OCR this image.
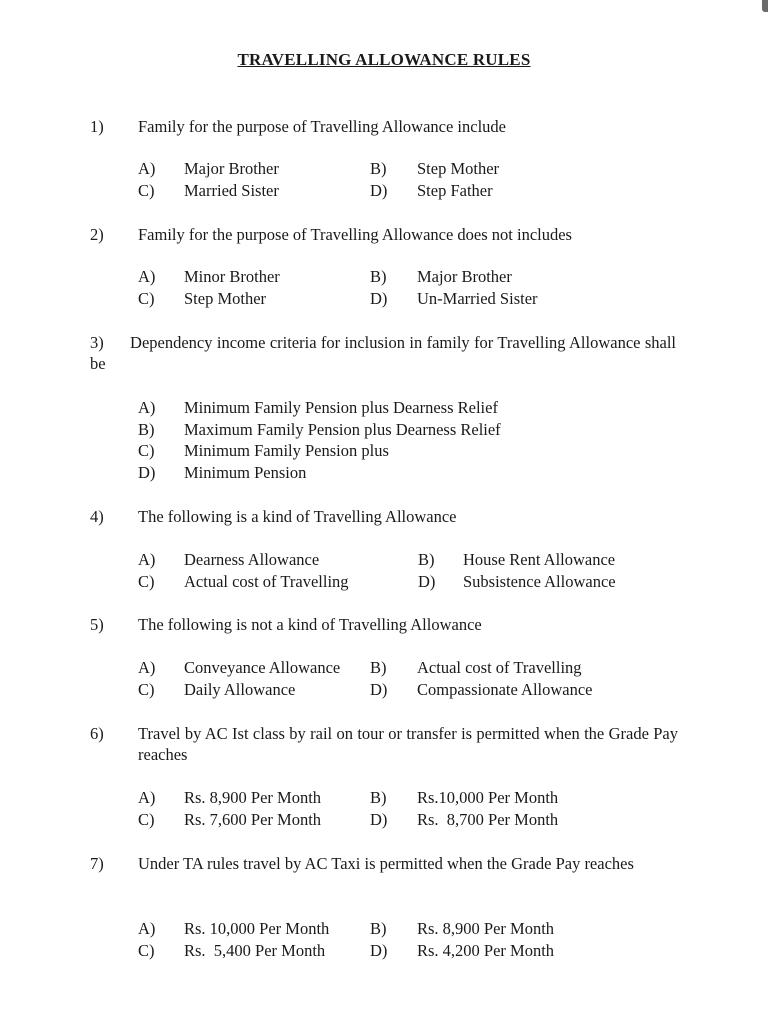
TRAVELLING ALLOWANCE RULES
1) Family for the purpose of Travelling Allowance include
A) Major Brother	B) Step Mother
C) Married Sister	D) Step Father
2) Family for the purpose of Travelling Allowance does not includes
A) Minor Brother	B) Major Brother
C) Step Mother	D) Un-Married Sister
3) Dependency income criteria for inclusion in family for Travelling Allowance shall be
A) Minimum Family Pension plus Dearness Relief
B) Maximum Family Pension plus Dearness Relief
C) Minimum Family Pension plus
D) Minimum Pension
4) The following is a kind of Travelling Allowance
A) Dearness Allowance	B) House Rent Allowance
C) Actual cost of Travelling	D) Subsistence Allowance
5) The following is not a kind of Travelling Allowance
A) Conveyance Allowance B) Actual cost of Travelling
C) Daily Allowance	D) Compassionate Allowance
6) Travel by AC Ist class by rail on tour or transfer is permitted when the Grade Pay reaches
A) Rs. 8,900 Per Month	B) Rs.10,000 Per Month
C) Rs. 7,600 Per Month	D) Rs.  8,700 Per Month
7) Under TA rules travel by AC Taxi is permitted when the Grade Pay reaches
A) Rs. 10,000 Per Month B) Rs. 8,900 Per Month
C) Rs.  5,400 Per Month	D) Rs. 4,200 Per Month
